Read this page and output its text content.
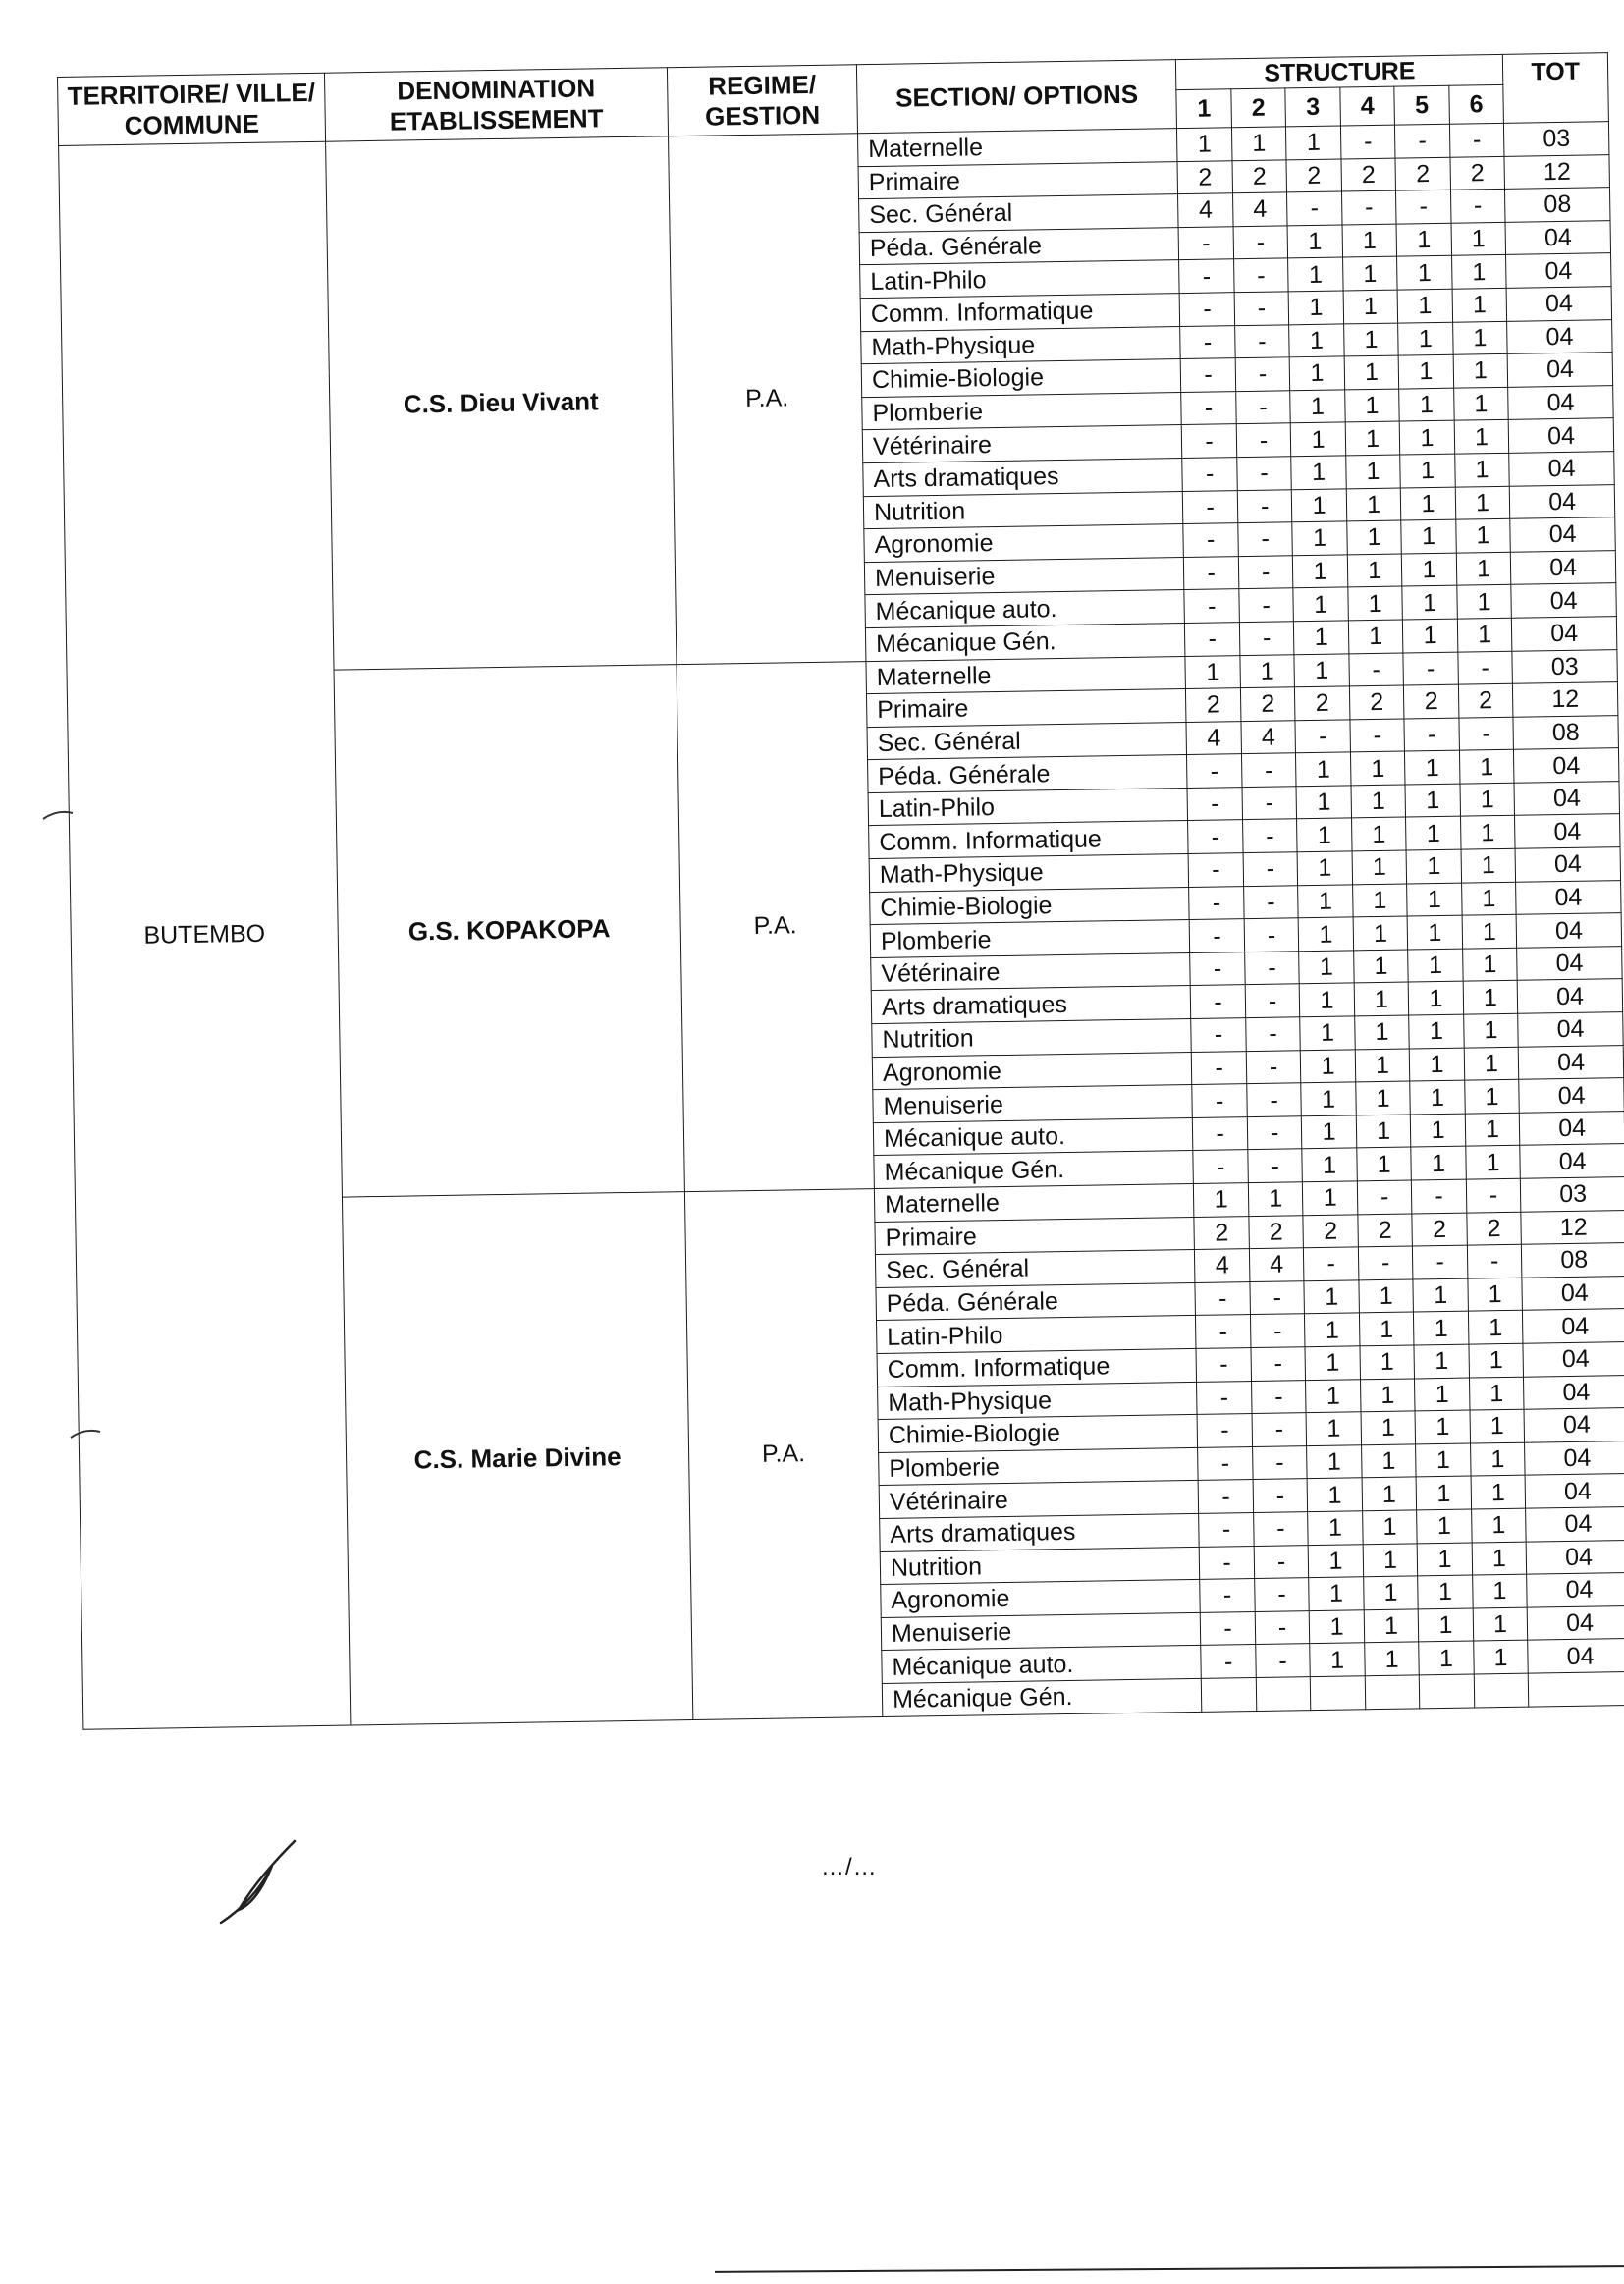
TERRITOIRE/ VILLE/ COMMUNE	DENOMINATION ETABLISSEMENT	REGIME/ GESTION	SECTION/ OPTIONS	STRUCTURE						TOT
				1	2	3	4	5	6	
BUTEMBO	C.S. Dieu Vivant	P.A.	Maternelle	1	1	1	-	-	-	03
			Primaire	2	2	2	2	2	2	12
			Sec. Général	4	4	-	-	-	-	08
			Péda. Générale	-	-	1	1	1	1	04
			Latin-Philo	-	-	1	1	1	1	04
			Comm. Informatique	-	-	1	1	1	1	04
			Math-Physique	-	-	1	1	1	1	04
			Chimie-Biologie	-	-	1	1	1	1	04
			Plomberie	-	-	1	1	1	1	04
			Vétérinaire	-	-	1	1	1	1	04
			Arts dramatiques	-	-	1	1	1	1	04
			Nutrition	-	-	1	1	1	1	04
			Agronomie	-	-	1	1	1	1	04
			Menuiserie	-	-	1	1	1	1	04
			Mécanique auto.	-	-	1	1	1	1	04
			Mécanique Gén.	-	-	1	1	1	1	04
	G.S. KOPAKOPA	P.A.	Maternelle	1	1	1	-	-	-	03
			Primaire	2	2	2	2	2	2	12
			Sec. Général	4	4	-	-	-	-	08
			Péda. Générale	-	-	1	1	1	1	04
			Latin-Philo	-	-	1	1	1	1	04
			Comm. Informatique	-	-	1	1	1	1	04
			Math-Physique	-	-	1	1	1	1	04
			Chimie-Biologie	-	-	1	1	1	1	04
			Plomberie	-	-	1	1	1	1	04
			Vétérinaire	-	-	1	1	1	1	04
			Arts dramatiques	-	-	1	1	1	1	04
			Nutrition	-	-	1	1	1	1	04
			Agronomie	-	-	1	1	1	1	04
			Menuiserie	-	-	1	1	1	1	04
			Mécanique auto.	-	-	1	1	1	1	04
			Mécanique Gén.	-	-	1	1	1	1	04
	C.S. Marie Divine	P.A.	Maternelle	1	1	1	-	-	-	03
			Primaire	2	2	2	2	2	2	12
			Sec. Général	4	4	-	-	-	-	08
			Péda. Générale	-	-	1	1	1	1	04
			Latin-Philo	-	-	1	1	1	1	04
			Comm. Informatique	-	-	1	1	1	1	04
			Math-Physique	-	-	1	1	1	1	04
			Chimie-Biologie	-	-	1	1	1	1	04
			Plomberie	-	-	1	1	1	1	04
			Vétérinaire	-	-	1	1	1	1	04
			Arts dramatiques	-	-	1	1	1	1	04
			Nutrition	-	-	1	1	1	1	04
			Agronomie	-	-	1	1	1	1	04
			Menuiserie	-	-	1	1	1	1	04
			Mécanique auto.	-	-	1	1	1	1	04
			Mécanique Gén.							
…/…
